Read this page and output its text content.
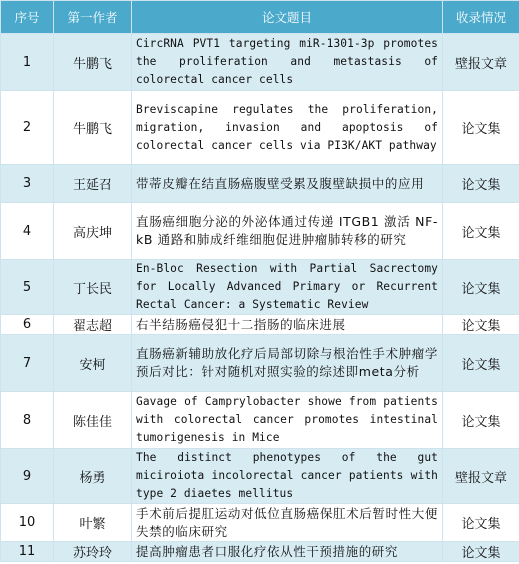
序号	第一作者	论文题目	收录情况
1	牛鹏飞	CircRNA PVT1 targeting miR-1301-3p promotes the proliferation and metastasis of colorectal cancer cells	壁报文章
2	牛鹏飞	Breviscapine regulates the proliferation, migration, invasion and apoptosis of colorectal cancer cells via PI3K/AKT pathway	论文集
3	王延召	带蒂皮瓣在结直肠癌腹壁受累及腹壁缺损中的应用	论文集
4	高庆坤	直肠癌细胞分泌的外泌体通过传递 ITGB1 激活 NF-kB 通路和肺成纤维细胞促进肿瘤肺转移的研究	论文集
5	丁长民	En-Bloc Resection with Partial Sacrectomy for Locally Advanced Primary or Recurrent Rectal Cancer: a Systematic Review	论文集
6	翟志超	右半结肠癌侵犯十二指肠的临床进展	论文集
7	安柯	直肠癌新辅助放化疗后局部切除与根治性手术肿瘤学预后对比：针对随机对照实验的综述即meta分析	论文集
8	陈佳佳	Gavage of Camprylobacter showe from patients with colorectal cancer promotes intestinal tumorigenesis in Mice	论文集
9	杨勇	The distinct phenotypes of the gut miciroiota incolorectal cancer patients with type 2 diaetes mellitus	壁报文章
10	叶繁	手术前后提肛运动对低位直肠癌保肛术后暂时性大便失禁的临床研究	论文集
11	苏玲玲	提高肿瘤患者口服化疗依从性干预措施的研究	论文集
